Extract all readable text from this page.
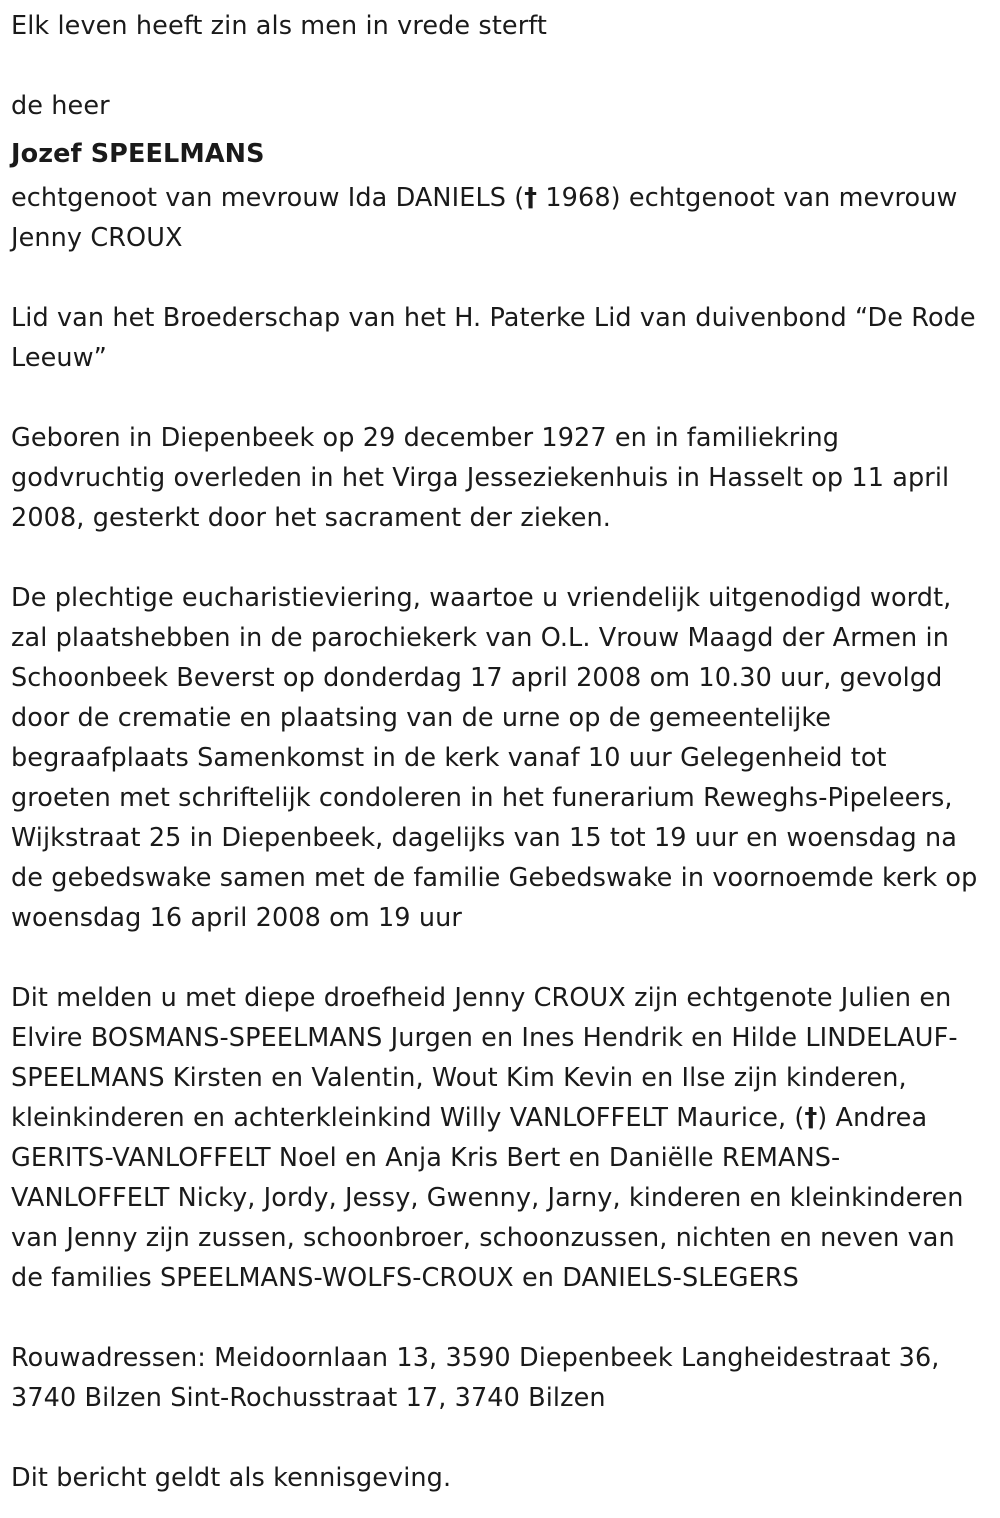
Elk leven heeft zin als men in vrede sterft

de heer

Jozef SPEELMANS

echtgenoot van mevrouw Ida DANIELS († 1968) echtgenoot van mevrouw Jenny CROUX

Lid van het Broederschap van het H. Paterke Lid van duivenbond “De Rode Leeuw”

Geboren in Diepenbeek op 29 december 1927 en in familiekring godvruchtig overleden in het Virga Jesseziekenhuis in Hasselt op 11 april 2008, gesterkt door het sacrament der zieken.

De plechtige eucharistieviering, waartoe u vriendelijk uitgenodigd wordt, zal plaatshebben in de parochiekerk van O.L. Vrouw Maagd der Armen in Schoonbeek Beverst op donderdag 17 april 2008 om 10.30 uur, gevolgd door de crematie en plaatsing van de urne op de gemeentelijke begraafplaats Samenkomst in de kerk vanaf 10 uur Gelegenheid tot groeten met schriftelijk condoleren in het funerarium Reweghs-Pipeleers, Wijkstraat 25 in Diepenbeek, dagelijks van 15 tot 19 uur en woensdag na de gebedswake samen met de familie Gebedswake in voornoemde kerk op woensdag 16 april 2008 om 19 uur

Dit melden u met diepe droefheid Jenny CROUX zijn echtgenote Julien en Elvire BOSMANS-SPEELMANS Jurgen en Ines Hendrik en Hilde LINDELAUF-SPEELMANS Kirsten en Valentin, Wout Kim Kevin en Ilse zijn kinderen, kleinkinderen en achterkleinkind Willy VANLOFFELT Maurice, (†) Andrea GERITS-VANLOFFELT Noel en Anja Kris Bert en Daniëlle REMANS-VANLOFFELT Nicky, Jordy, Jessy, Gwenny, Jarny, kinderen en kleinkinderen van Jenny zijn zussen, schoonbroer, schoonzussen, nichten en neven van de families SPEELMANS-WOLFS-CROUX en DANIELS-SLEGERS

Rouwadressen: Meidoornlaan 13, 3590 Diepenbeek Langheidestraat 36, 3740 Bilzen Sint-Rochusstraat 17, 3740 Bilzen

Dit bericht geldt als kennisgeving.
